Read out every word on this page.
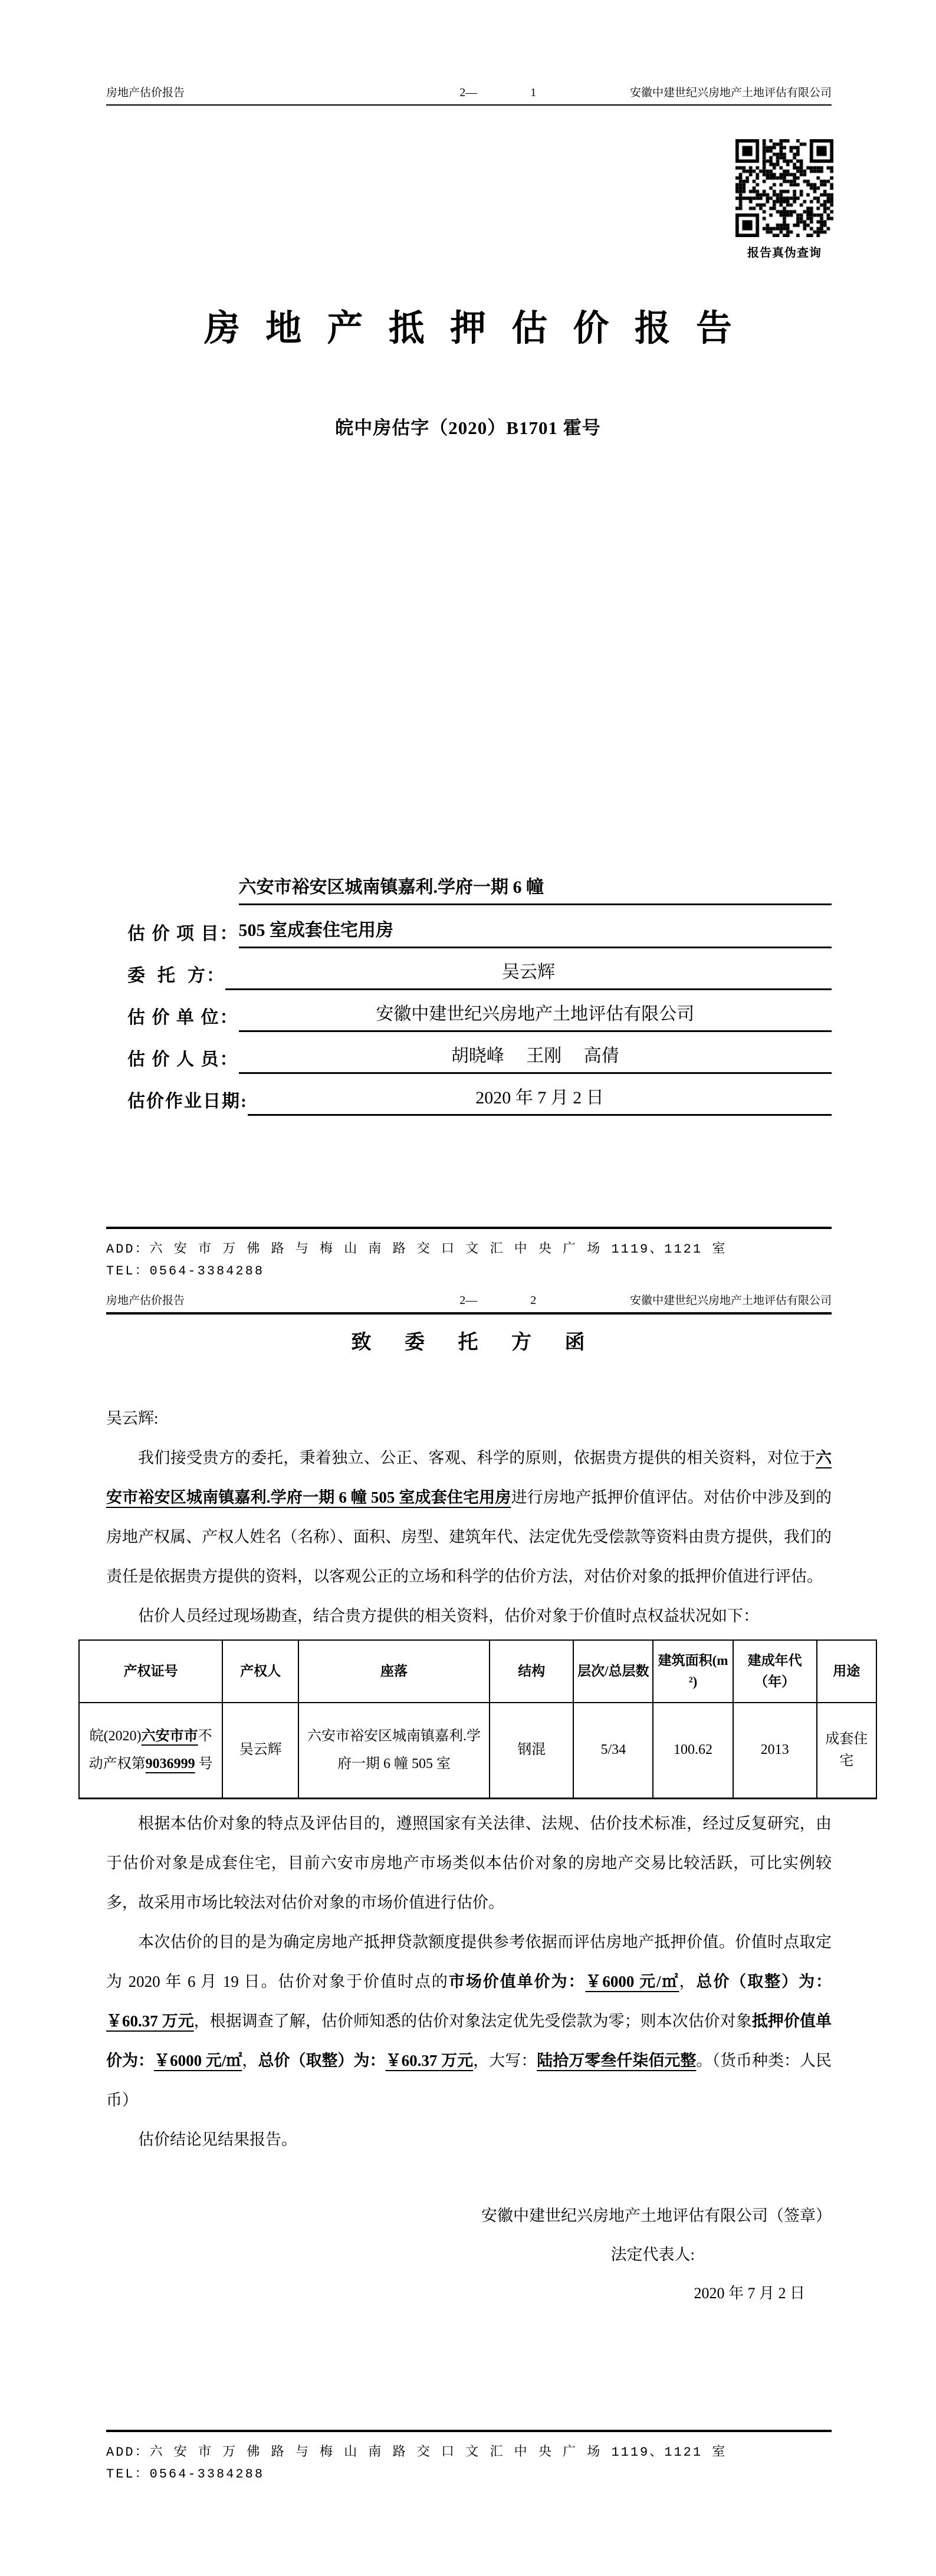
房地产估价报告	2—	1	安徽中建世纪兴房地产土地评估有限公司
报告真伪查询
房 地 产 抵 押 估 价 报 告
皖中房估字（2020）B1701 霍号
估 价 项 目：
六安市裕安区城南镇嘉利.学府一期 6 幢
505 室成套住宅用房
委  托  方：	吴云辉
估 价 单 位：	安徽中建世纪兴房地产土地评估有限公司
估 价 人 员：	胡晓峰　 王刚　 高倩
估价作业日期:	2020 年 7 月 2 日
ADD：六 安 市 万 佛 路 与 梅 山 南 路 交 口 文 汇 中 央 广 场 1119、1121 室
TEL：0564-3384288
房地产估价报告	2—	2	安徽中建世纪兴房地产土地评估有限公司
致 委 托 方 函

吴云辉:

我们接受贵方的委托，秉着独立、公正、客观、科学的原则，依据贵方提供的相关资料，对位于六安市裕安区城南镇嘉利.学府一期 6 幢 505 室成套住宅用房进行房地产抵押价值评估。对估价中涉及到的房地产权属、产权人姓名（名称）、面积、房型、建筑年代、法定优先受偿款等资料由贵方提供，我们的责任是依据贵方提供的资料，以客观公正的立场和科学的估价方法，对估价对象的抵押价值进行评估。

估价人员经过现场勘查，结合贵方提供的相关资料，估价对象于价值时点权益状况如下：

产权证号	产权人	座落	结构	层次/总层数	建筑面积(m²)	建成年代（年）	用途
皖(2020)六安市市不动产权第9036999 号	吴云辉	六安市裕安区城南镇嘉利.学府一期 6 幢 505 室	钢混	5/34	100.62	2013	成套住宅

根据本估价对象的特点及评估目的，遵照国家有关法律、法规、估价技术标准，经过反复研究，由于估价对象是成套住宅，目前六安市房地产市场类似本估价对象的房地产交易比较活跃，可比实例较多，故采用市场比较法对估价对象的市场价值进行估价。

本次估价的目的是为确定房地产抵押贷款额度提供参考依据而评估房地产抵押价值。价值时点取定为 2020 年 6 月 19 日。估价对象于价值时点的市场价值单价为：￥6000 元/㎡，总价（取整）为：￥60.37 万元，根据调查了解，估价师知悉的估价对象法定优先受偿款为零；则本次估价对象抵押价值单价为：￥6000 元/㎡，总价（取整）为：￥60.37 万元，大写：陆拾万零叁仟柒佰元整。（货币种类：人民币）

估价结论见结果报告。

安徽中建世纪兴房地产土地评估有限公司（签章）
法定代表人:
2020 年 7 月 2 日
ADD：六 安 市 万 佛 路 与 梅 山 南 路 交 口 文 汇 中 央 广 场 1119、1121 室
TEL：0564-3384288
